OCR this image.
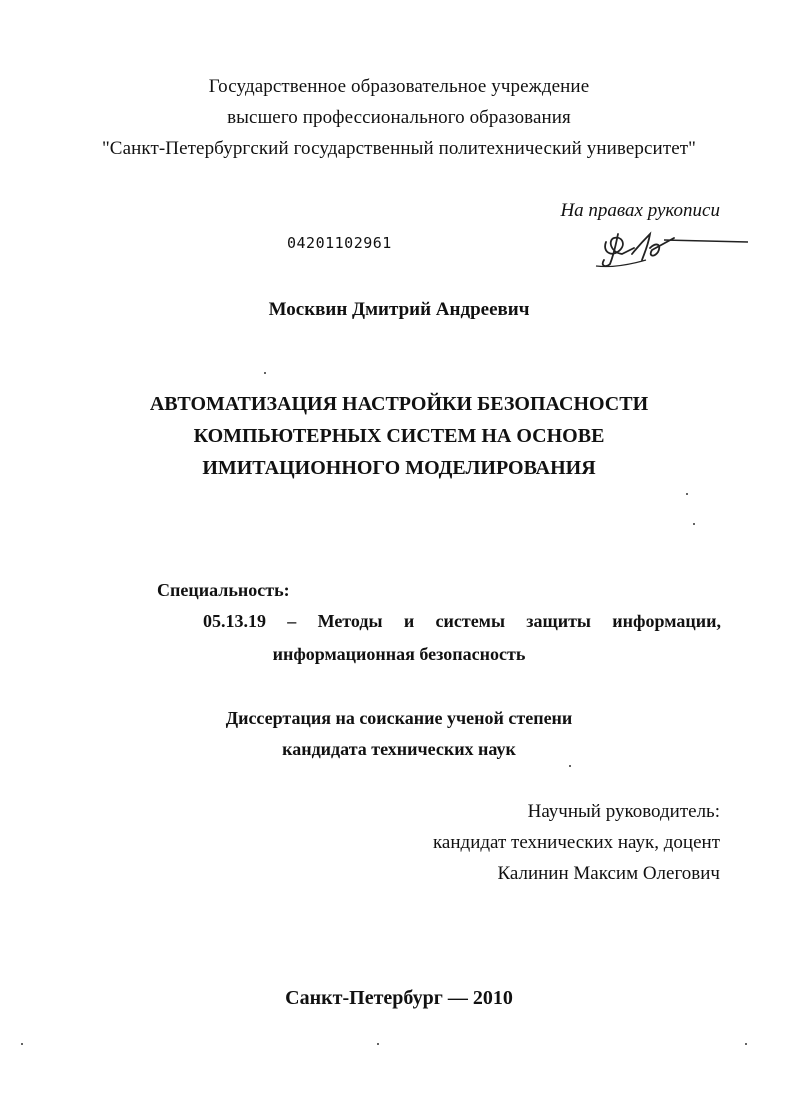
Государственное образовательное учреждение
высшего профессионального образования
"Санкт-Петербургский государственный политехнический университет"
На правах рукописи
04201102961
Москвин Дмитрий Андреевич
АВТОМАТИЗАЦИЯ НАСТРОЙКИ БЕЗОПАСНОСТИ
КОМПЬЮТЕРНЫХ СИСТЕМ НА ОСНОВЕ
ИМИТАЦИОННОГО МОДЕЛИРОВАНИЯ
Специальность:
05.13.19 – Методы и системы защиты информации,
информационная безопасность
Диссертация на соискание ученой степени
кандидата технических наук
Научный руководитель:
кандидат технических наук, доцент
Калинин Максим Олегович
Санкт-Петербург — 2010
